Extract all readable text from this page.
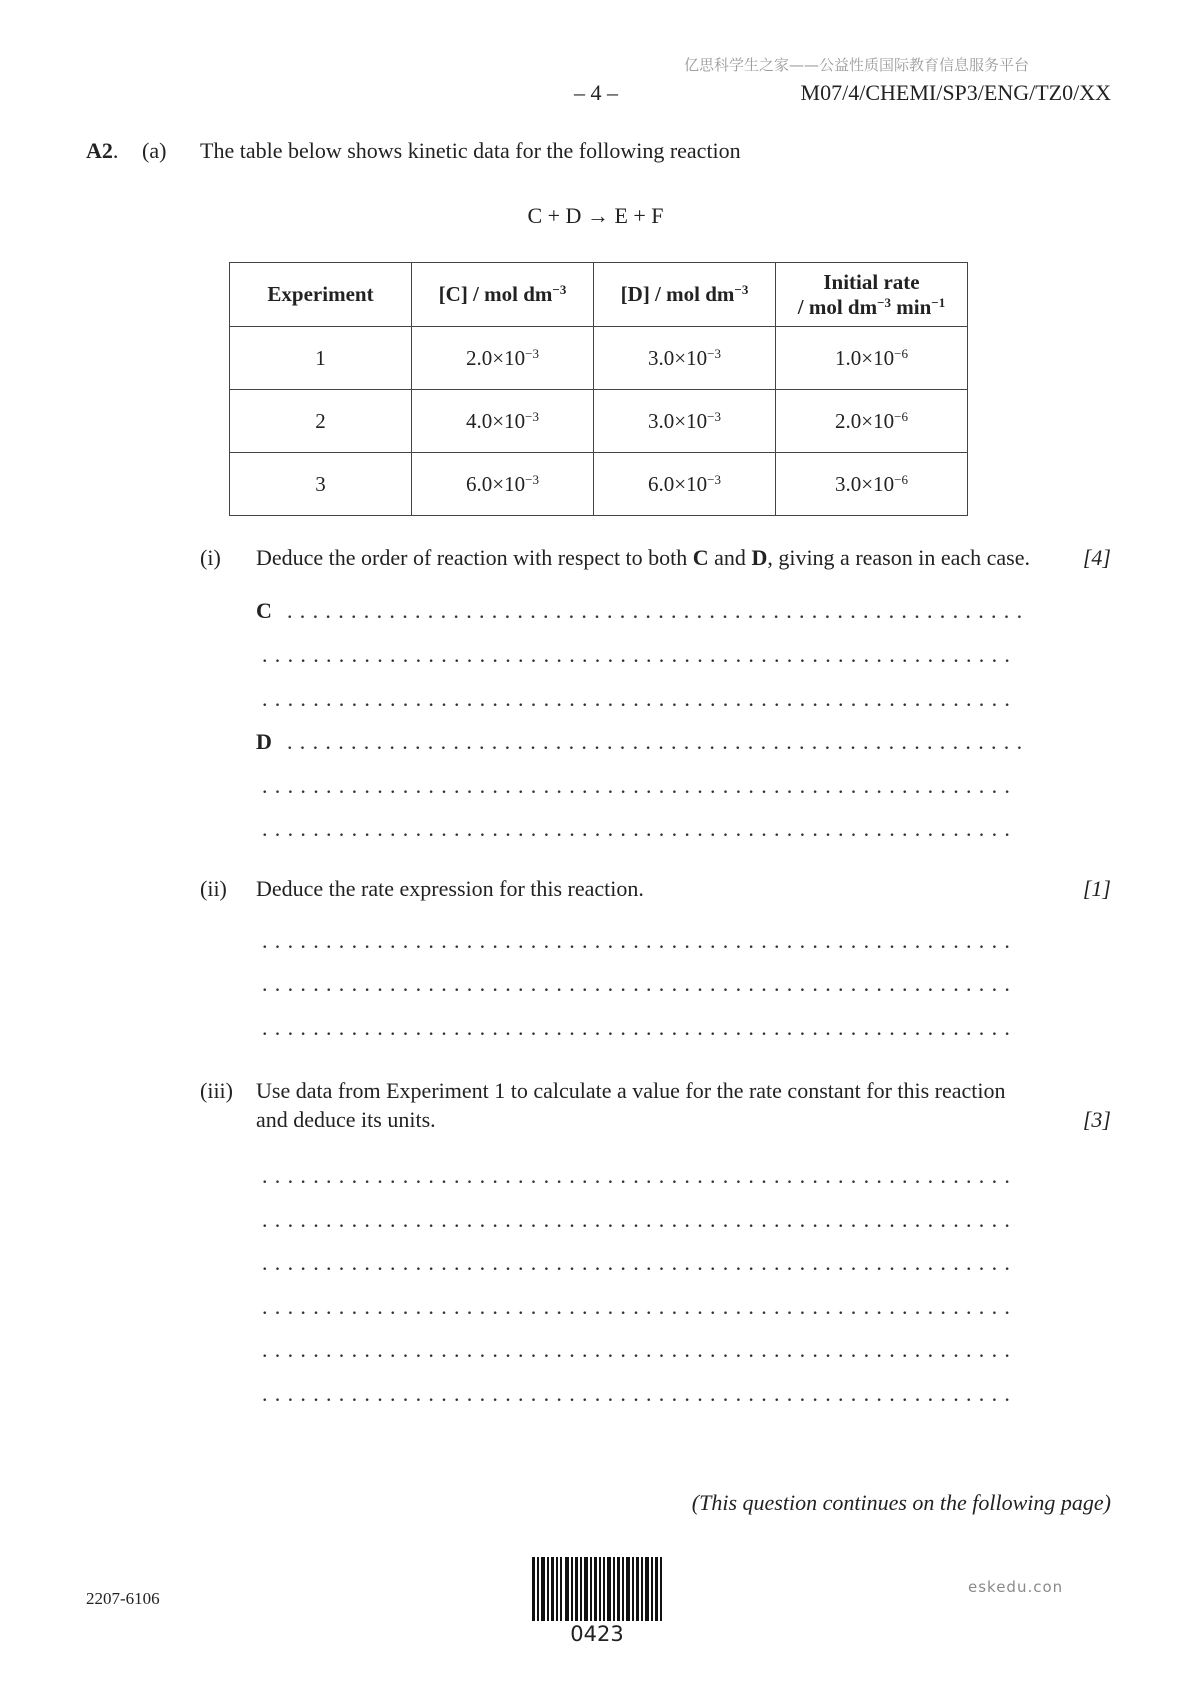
亿思科学生之家——公益性质国际教育信息服务平台
– 4 –	M07/4/CHEMI/SP3/ENG/TZ0/XX
A2. (a) The table below shows kinetic data for the following reaction
C + D → E + F
Experiment	[C] / mol $dm^{-3}$	[D] / mol $dm^{-3}$	Initial rate
/ mol $dm^{-3}$ $\min^{-1}$
1	$2.0\times 10^{-3}$	$3.0\times 10^{-3}$	$1.0\times 10^{-6}$
2	$4.0\times 10^{-3}$	$3.0\times 10^{-3}$	$2.0\times 10^{-6}$
3	$6.0\times 10^{-3}$	$6.0\times 10^{-3}$	$3.0\times 10^{-6}$
(i) Deduce the order of reaction with respect to both C and D, giving a reason in each case. [4]
C ..........................................................
...........................................................
...........................................................
D ..........................................................
...........................................................
...........................................................
(ii) Deduce the rate expression for this reaction.	[1]
...........................................................
...........................................................
...........................................................
(iii) Use data from Experiment 1 to calculate a value for the rate constant for this reaction
and deduce its units.	[3]
...........................................................
...........................................................
...........................................................
...........................................................
...........................................................
...........................................................
(This question continues on the following page)
2207-6106
0423
eskedu.con
